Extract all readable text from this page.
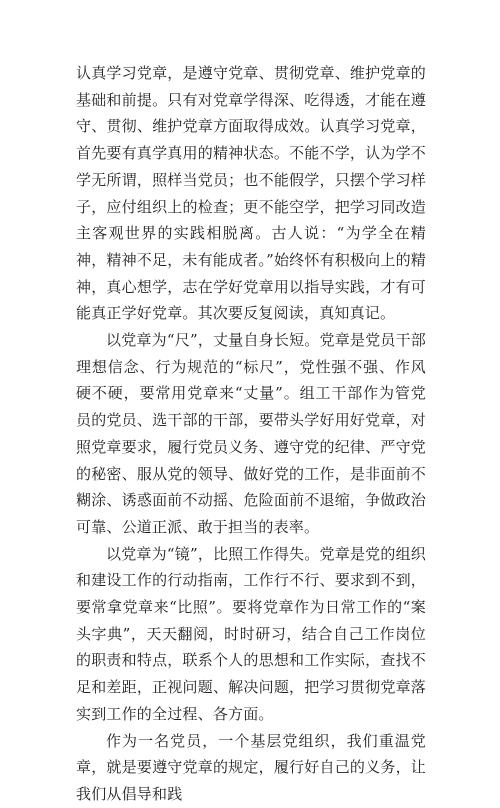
认真学习党章，是遵守党章、贯彻党章、维护党章的基础和前提。只有对党章学得深、吃得透，才能在遵守、贯彻、维护党章方面取得成效。认真学习党章，首先要有真学真用的精神状态。不能不学，认为学不学无所谓，照样当党员；也不能假学，只摆个学习样子，应付组织上的检查；更不能空学，把学习同改造主客观世界的实践相脱离。古人说：“为学全在精神，精神不足，未有能成者。”始终怀有积极向上的精神，真心想学，志在学好党章用以指导实践，才有可能真正学好党章。其次要反复阅读，真知真记。

以党章为“尺”，丈量自身长短。党章是党员干部理想信念、行为规范的“标尺”，党性强不强、作风硬不硬，要常用党章来“丈量”。组工干部作为管党员的党员、选干部的干部，要带头学好用好党章，对照党章要求，履行党员义务、遵守党的纪律、严守党的秘密、服从党的领导、做好党的工作，是非面前不糊涂、诱惑面前不动摇、危险面前不退缩，争做政治可靠、公道正派、敢于担当的表率。

以党章为“镜”，比照工作得失。党章是党的组织和建设工作的行动指南，工作行不行、要求到不到，要常拿党章来“比照”。要将党章作为日常工作的“案头字典”，天天翻阅，时时研习，结合自己工作岗位的职责和特点，联系个人的思想和工作实际，查找不足和差距，正视问题、解决问题，把学习贯彻党章落实到工作的全过程、各方面。

作为一名党员，一个基层党组织，我们重温党章，就是要遵守党章的规定，履行好自己的义务，让我们从倡导和践
